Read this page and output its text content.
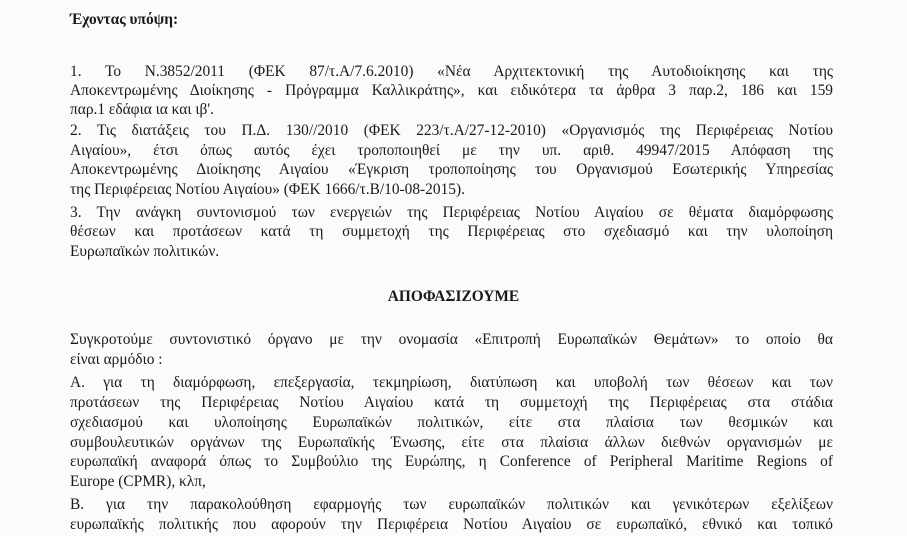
Έχοντας υπόψη:
1. Το Ν.3852/2011 (ΦΕΚ 87/τ.Α/7.6.2010) «Νέα Αρχιτεκτονική της Αυτοδιοίκησης και της
Αποκεντρωμένης Διοίκησης - Πρόγραμμα Καλλικράτης», και ειδικότερα τα άρθρα 3 παρ.2, 186 και 159
παρ.1 εδάφια ια και ιβ'.
2. Τις διατάξεις του Π.Δ. 130//2010 (ΦΕΚ 223/τ.Α/27-12-2010) «Οργανισμός της Περιφέρειας Νοτίου
Αιγαίου», έτσι όπως αυτός έχει τροποποιηθεί με την υπ. αριθ. 49947/2015 Απόφαση της
Αποκεντρωμένης Διοίκησης Αιγαίου «Έγκριση τροποποίησης του Οργανισμού Εσωτερικής Υπηρεσίας
της Περιφέρειας Νοτίου Αιγαίου» (ΦΕΚ 1666/τ.Β/10-08-2015).
3. Την ανάγκη συντονισμού των ενεργειών της Περιφέρειας Νοτίου Αιγαίου σε θέματα διαμόρφωσης
θέσεων και προτάσεων κατά τη συμμετοχή της Περιφέρειας στο σχεδιασμό και την υλοποίηση
Ευρωπαϊκών πολιτικών.
ΑΠΟΦΑΣΙΖΟΥΜΕ
Συγκροτούμε συντονιστικό όργανο με την ονομασία «Επιτροπή Ευρωπαϊκών Θεμάτων» το οποίο θα
είναι αρμόδιο :
Α. για τη διαμόρφωση, επεξεργασία, τεκμηρίωση, διατύπωση και υποβολή των θέσεων και των
προτάσεων της Περιφέρειας Νοτίου Αιγαίου κατά τη συμμετοχή της Περιφέρειας στα στάδια
σχεδιασμού και υλοποίησης Ευρωπαϊκών πολιτικών, είτε στα πλαίσια των θεσμικών και
συμβουλευτικών οργάνων της Ευρωπαϊκής Ένωσης, είτε στα πλαίσια άλλων διεθνών οργανισμών με
ευρωπαϊκή αναφορά όπως το Συμβούλιο της Ευρώπης, η Conference of Peripheral Maritime Regions of
Europe (CPMR), κλπ,
Β. για την παρακολούθηση εφαρμογής των ευρωπαϊκών πολιτικών και γενικότερων εξελίξεων
ευρωπαϊκής πολιτικής που αφορούν την Περιφέρεια Νοτίου Αιγαίου σε ευρωπαϊκό, εθνικό και τοπικό
